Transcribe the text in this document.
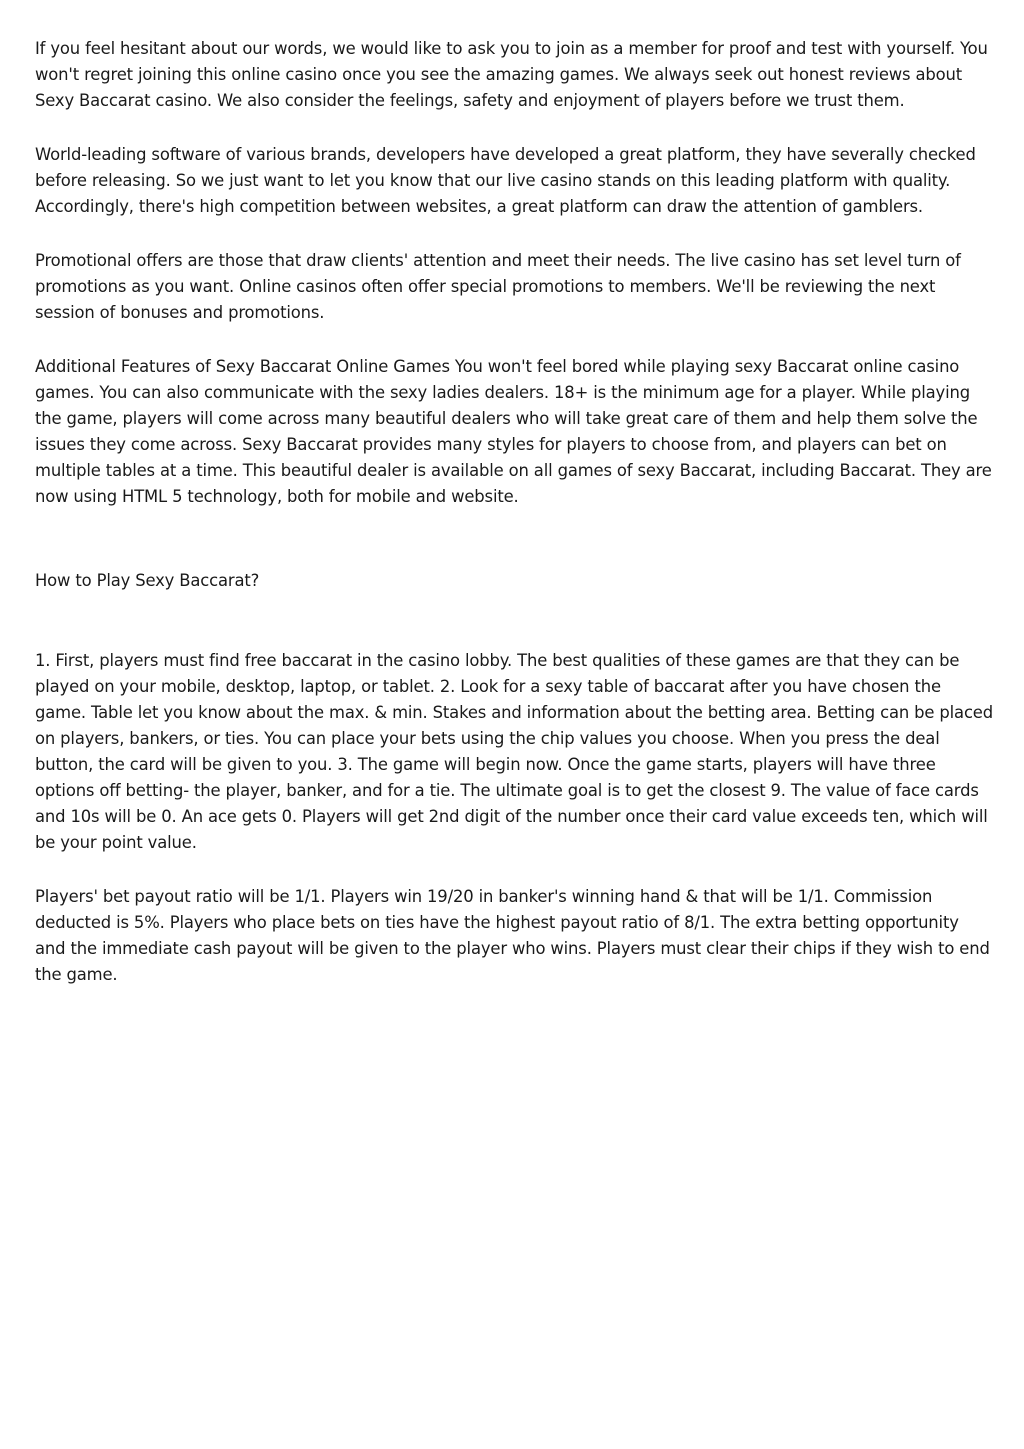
If you feel hesitant about our words, we would like to ask you to join as a member for proof and test with yourself. You won't regret joining this online casino once you see the amazing games. We always seek out honest reviews about Sexy Baccarat casino. We also consider the feelings, safety and enjoyment of players before we trust them.

World-leading software of various brands, developers have developed a great platform, they have severally checked before releasing. So we just want to let you know that our live casino stands on this leading platform with quality. Accordingly, there's high competition between websites, a great platform can draw the attention of gamblers.

Promotional offers are those that draw clients' attention and meet their needs. The live casino has set level turn of promotions as you want. Online casinos often offer special promotions to members. We'll be reviewing the next session of bonuses and promotions.

Additional Features of Sexy Baccarat Online Games You won't feel bored while playing sexy Baccarat online casino games. You can also communicate with the sexy ladies dealers. 18+ is the minimum age for a player. While playing the game, players will come across many beautiful dealers who will take great care of them and help them solve the issues they come across. Sexy Baccarat provides many styles for players to choose from, and players can bet on multiple tables at a time. This beautiful dealer is available on all games of sexy Baccarat, including Baccarat. They are now using HTML 5 technology, both for mobile and website.

How to Play Sexy Baccarat?

1. First, players must find free baccarat in the casino lobby. The best qualities of these games are that they can be played on your mobile, desktop, laptop, or tablet. 2. Look for a sexy table of baccarat after you have chosen the game. Table let you know about the max. & min. Stakes and information about the betting area. Betting can be placed on players, bankers, or ties. You can place your bets using the chip values you choose. When you press the deal button, the card will be given to you. 3. The game will begin now. Once the game starts, players will have three options off betting- the player, banker, and for a tie. The ultimate goal is to get the closest 9. The value of face cards and 10s will be 0. An ace gets 0. Players will get 2nd digit of the number once their card value exceeds ten, which will be your point value.

Players' bet payout ratio will be 1/1. Players win 19/20 in banker's winning hand & that will be 1/1. Commission deducted is 5%. Players who place bets on ties have the highest payout ratio of 8/1. The extra betting opportunity and the immediate cash payout will be given to the player who wins. Players must clear their chips if they wish to end the game.
